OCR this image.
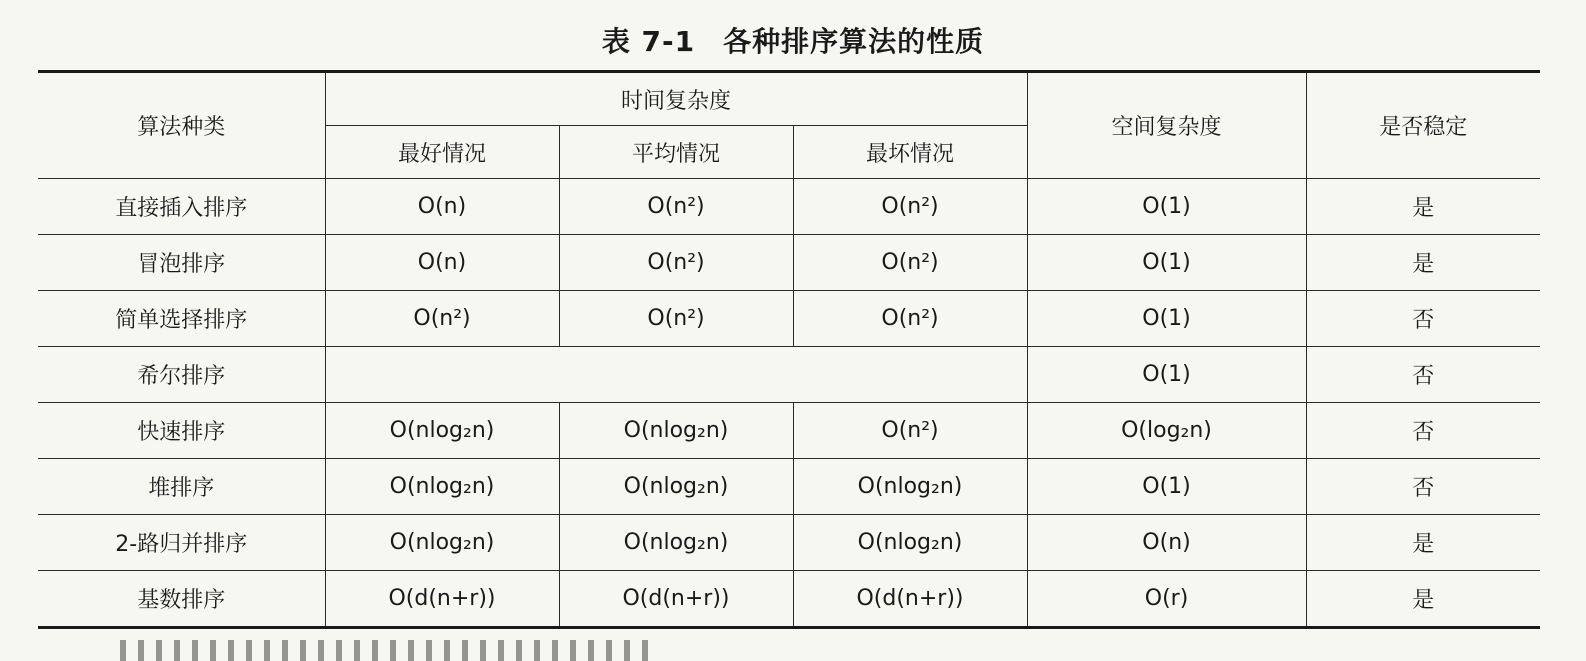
表 7-1 各种排序算法的性质
算法种类	时间复杂度			空间复杂度	是否稳定
	最好情况	平均情况	最坏情况		
直接插入排序	O(n)	O(n²)	O(n²)	O(1)	是
冒泡排序	O(n)	O(n²)	O(n²)	O(1)	是
简单选择排序	O(n²)	O(n²)	O(n²)	O(1)	否
希尔排序				O(1)	否
快速排序	O(nlog₂n)	O(nlog₂n)	O(n²)	O(log₂n)	否
堆排序	O(nlog₂n)	O(nlog₂n)	O(nlog₂n)	O(1)	否
2-路归并排序	O(nlog₂n)	O(nlog₂n)	O(nlog₂n)	O(n)	是
基数排序	O(d(n+r))	O(d(n+r))	O(d(n+r))	O(r)	是
